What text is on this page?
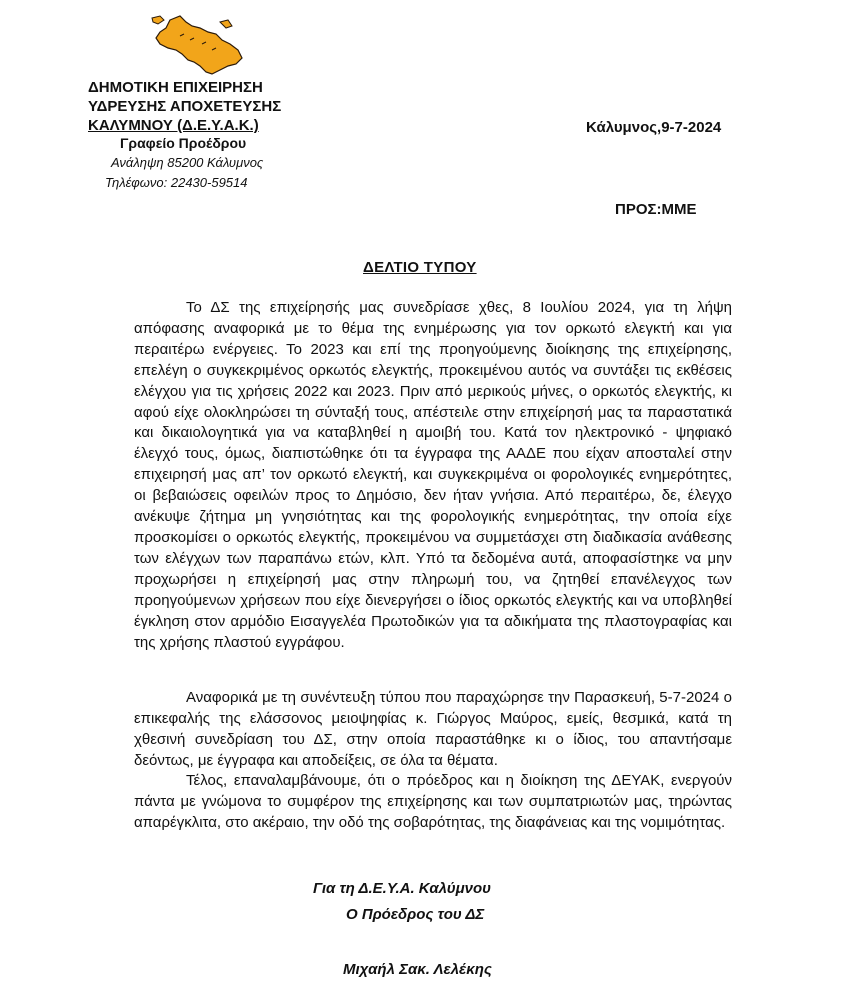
ΔΗΜΟΤΙΚΗ ΕΠΙΧΕΙΡΗΣΗ
ΥΔΡΕΥΣΗΣ ΑΠΟΧΕΤΕΥΣΗΣ
ΚΑΛΥΜΝΟΥ (Δ.Ε.Υ.Α.Κ.)
Γραφείο Προέδρου
Ανάληψη 85200 Κάλυμνος
Τηλέφωνο: 22430-59514
Κάλυμνος,9-7-2024
ΠΡΟΣ:ΜΜΕ
ΔΕΛΤΙΟ ΤΥΠΟΥ

Το ΔΣ της επιχείρησής μας συνεδρίασε χθες, 8 Ιουλίου 2024, για τη λήψη απόφασης αναφορικά με το θέμα της ενημέρωσης για τον ορκωτό ελεγκτή και για περαιτέρω ενέργειες. Το 2023 και επί της προηγούμενης διοίκησης της επιχείρησης, επελέγη ο συγκεκριμένος ορκωτός ελεγκτής, προκειμένου αυτός να συντάξει τις εκθέσεις ελέγχου για τις χρήσεις 2022 και 2023. Πριν από μερικούς μήνες, ο ορκωτός ελεγκτής, κι αφού είχε ολοκληρώσει τη σύνταξή τους, απέστειλε στην επιχείρησή μας τα παραστατικά και δικαιολογητικά για να καταβληθεί η αμοιβή του. Κατά τον ηλεκτρονικό - ψηφιακό έλεγχό τους, όμως, διαπιστώθηκε ότι τα έγγραφα της ΑΑΔΕ που είχαν αποσταλεί στην επιχειρησή μας απ’ τον ορκωτό ελεγκτή, και συγκεκριμένα οι φορολογικές ενημερότητες, οι βεβαιώσεις οφειλών προς το Δημόσιο, δεν ήταν γνήσια. Από περαιτέρω, δε, έλεγχο ανέκυψε ζήτημα μη γνησιότητας και της φορολογικής ενημερότητας, την οποία είχε προσκομίσει ο ορκωτός ελεγκτής, προκειμένου να συμμετάσχει στη διαδικασία ανάθεσης των ελέγχων των παραπάνω ετών, κλπ. Υπό τα δεδομένα αυτά, αποφασίστηκε να μην προχωρήσει η επιχείρησή μας στην πληρωμή του, να ζητηθεί επανέλεγχος των προηγούμενων χρήσεων που είχε διενεργήσει ο ίδιος ορκωτός ελεγκτής και να υποβληθεί έγκληση στον αρμόδιο Εισαγγελέα Πρωτοδικών για τα αδικήματα της πλαστογραφίας και της χρήσης πλαστού εγγράφου.

Αναφορικά με τη συνέντευξη τύπου που παραχώρησε την Παρασκευή, 5-7-2024 ο επικεφαλής της ελάσσονος μειοψηφίας κ. Γιώργος Μαύρος, εμείς, θεσμικά, κατά τη χθεσινή συνεδρίαση του ΔΣ, στην οποία παραστάθηκε κι ο ίδιος, του απαντήσαμε δεόντως, με έγγραφα και αποδείξεις, σε όλα τα θέματα.

Τέλος, επαναλαμβάνουμε, ότι ο πρόεδρος και η διοίκηση της ΔΕΥΑΚ, ενεργούν πάντα με γνώμονα το συμφέρον της επιχείρησης και των συμπατριωτών μας, τηρώντας απαρέγκλιτα, στο ακέραιο, την οδό της σοβαρότητας, της διαφάνειας και της νομιμότητας.

Για τη Δ.Ε.Υ.Α. Καλύμνου
Ο Πρόεδρος του ΔΣ
Μιχαήλ Σακ. Λελέκης
